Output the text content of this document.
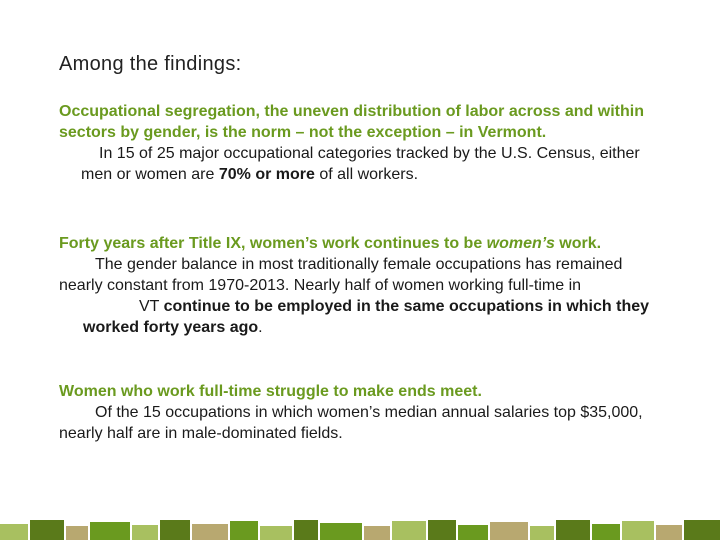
Among the findings:
Occupational segregation, the uneven distribution of labor across and within sectors by gender, is the norm – not the exception – in Vermont.
In 15 of 25 major occupational categories tracked by the U.S. Census, eithermen or women are 70% or more of all workers.
Forty years after Title IX, women’s work continues to be women’s work.
The gender balance in most traditionally female occupations has remainednearly constant from 1970-2013. Nearly half of women working full-time inVT continue to be employed in the same occupations in which theyworked forty years ago.
Women who work full-time struggle to make ends meet.
Of the 15 occupations in which women’s median annual salaries top $35,000,nearly half are in male-dominated fields.
